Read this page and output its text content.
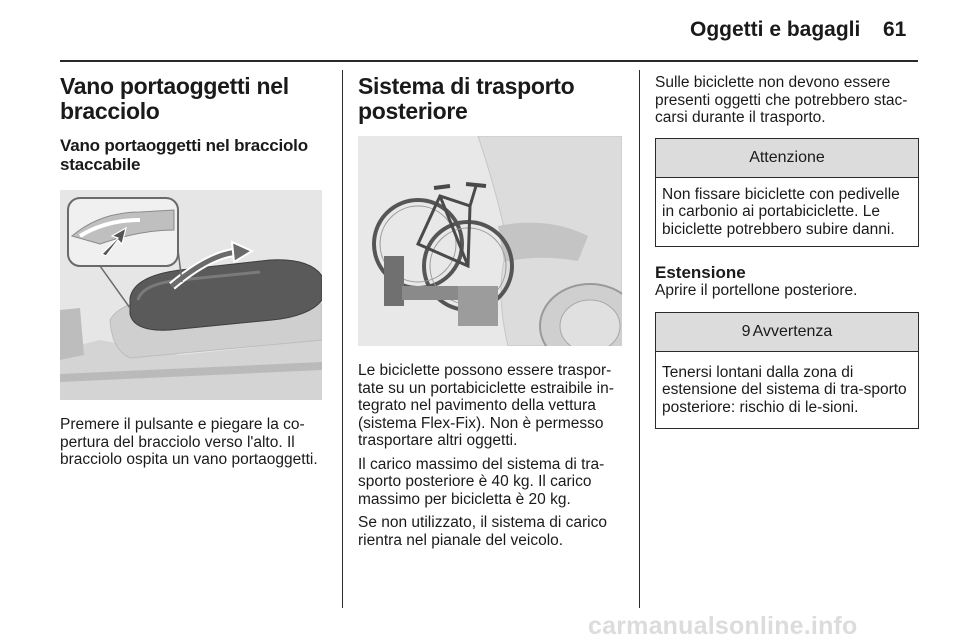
Oggetti e bagagli 61
Vano portaoggetti nel bracciolo
Vano portaoggetti nel bracciolo staccabile

Premere il pulsante e piegare la co-pertura del bracciolo verso l'alto. Il bracciolo ospita un vano portaoggetti.

Sistema di trasporto posteriore

Le biciclette possono essere traspor-tate su un portabiciclette estraibile in-tegrato nel pavimento della vettura (sistema Flex-Fix). Non è permesso trasportare altri oggetti.

Il carico massimo del sistema di tra-sporto posteriore è 40 kg. Il carico massimo per bicicletta è 20 kg.

Se non utilizzato, il sistema di carico rientra nel pianale del veicolo.

Sulle biciclette non devono essere presenti oggetti che potrebbero stac-carsi durante il trasporto.

Attenzione
Non fissare biciclette con pedivelle in carbonio ai portabiciclette. Le biciclette potrebbero subire danni.
Estensione

Aprire il portellone posteriore.

9 Avvertenza
Tenersi lontani dalla zona di estensione del sistema di tra-sporto posteriore: rischio di le-sioni.
carmanualsonline.info
